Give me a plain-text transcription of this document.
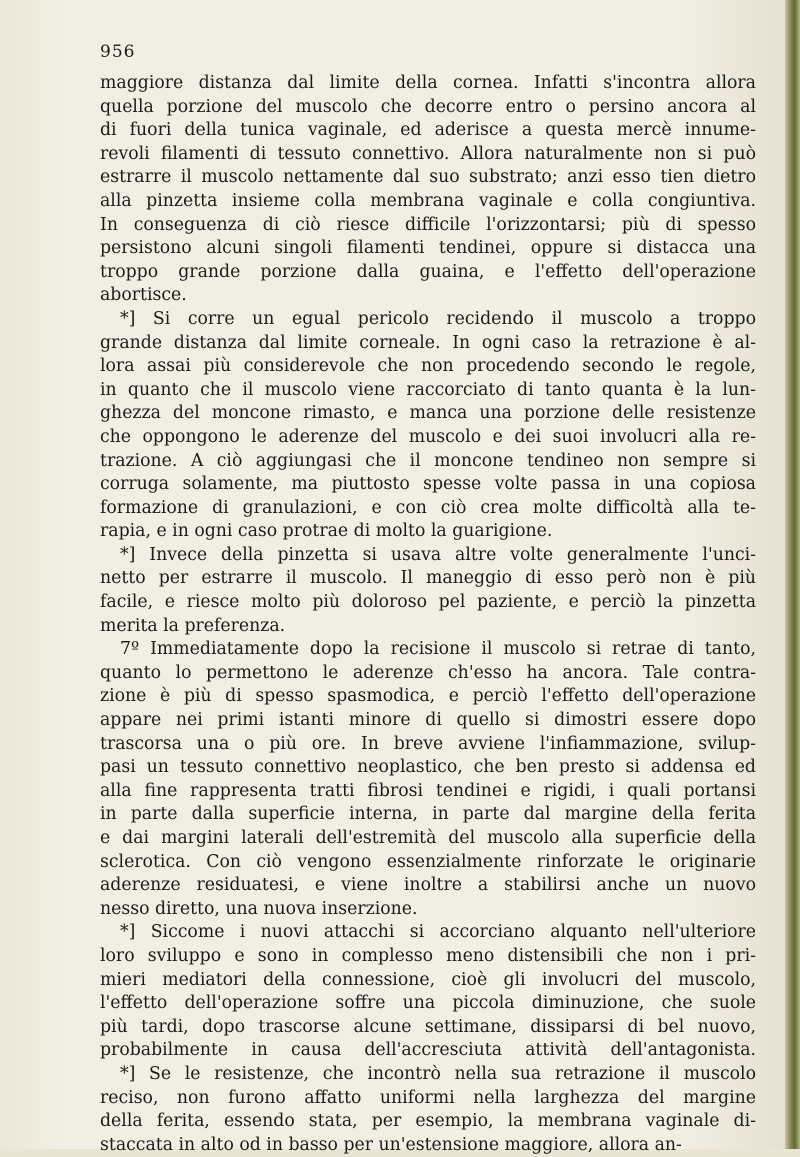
956
maggiore distanza dal limite della cornea. Infatti s'incontra allora
quella porzione del muscolo che decorre entro o persino ancora al
di fuori della tunica vaginale, ed aderisce a questa mercè innume-
revoli filamenti di tessuto connettivo. Allora naturalmente non si può
estrarre il muscolo nettamente dal suo substrato; anzi esso tien dietro
alla pinzetta insieme colla membrana vaginale e colla congiuntiva.
In conseguenza di ciò riesce difficile l'orizzontarsi; più di spesso
persistono alcuni singoli filamenti tendinei, oppure si distacca una
troppo grande porzione dalla guaina, e l'effetto dell'operazione
abortisce.
*] Si corre un egual pericolo recidendo il muscolo a troppo
grande distanza dal limite corneale. In ogni caso la retrazione è al-
lora assai più considerevole che non procedendo secondo le regole,
in quanto che il muscolo viene raccorciato di tanto quanta è la lun-
ghezza del moncone rimasto, e manca una porzione delle resistenze
che oppongono le aderenze del muscolo e dei suoi involucri alla re-
trazione. A ciò aggiungasi che il moncone tendineo non sempre si
corruga solamente, ma piuttosto spesse volte passa in una copiosa
formazione di granulazioni, e con ciò crea molte difficoltà alla te-
rapia, e in ogni caso protrae di molto la guarigione.
*] Invece della pinzetta si usava altre volte generalmente l'unci-
netto per estrarre il muscolo. Il maneggio di esso però non è più
facile, e riesce molto più doloroso pel paziente, e perciò la pinzetta
merita la preferenza.
7º Immediatamente dopo la recisione il muscolo si retrae di tanto,
quanto lo permettono le aderenze ch'esso ha ancora. Tale contra-
zione è più di spesso spasmodica, e perciò l'effetto dell'operazione
appare nei primi istanti minore di quello si dimostri essere dopo
trascorsa una o più ore. In breve avviene l'infiammazione, svilup-
pasi un tessuto connettivo neoplastico, che ben presto si addensa ed
alla fine rappresenta tratti fibrosi tendinei e rigidi, i quali portansi
in parte dalla superficie interna, in parte dal margine della ferita
e dai margini laterali dell'estremità del muscolo alla superficie della
sclerotica. Con ciò vengono essenzialmente rinforzate le originarie
aderenze residuatesi, e viene inoltre a stabilirsi anche un nuovo
nesso diretto, una nuova inserzione.
*] Siccome i nuovi attacchi si accorciano alquanto nell'ulteriore
loro sviluppo e sono in complesso meno distensibili che non i pri-
mieri mediatori della connessione, cioè gli involucri del muscolo,
l'effetto dell'operazione soffre una piccola diminuzione, che suole
più tardi, dopo trascorse alcune settimane, dissiparsi di bel nuovo,
probabilmente in causa dell'accresciuta attività dell'antagonista.
*] Se le resistenze, che incontrò nella sua retrazione il muscolo
reciso, non furono affatto uniformi nella larghezza del margine
della ferita, essendo stata, per esempio, la membrana vaginale di-
staccata in alto od in basso per un'estensione maggiore, allora an-
